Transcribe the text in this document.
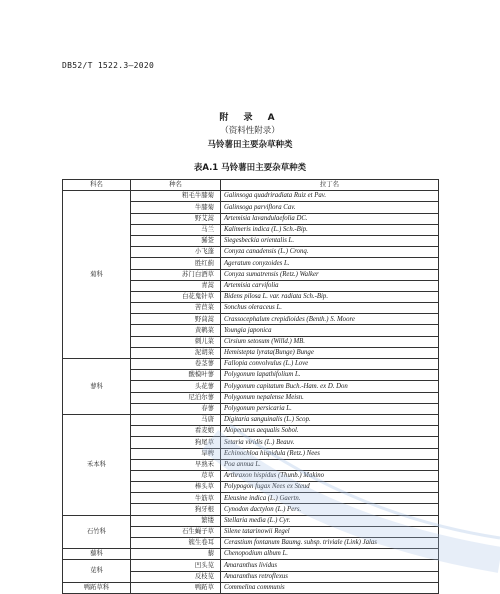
DB52/T 1522.3—2020
附 录 A
（资料性附录）
马铃薯田主要杂草种类
表A.1 马铃薯田主要杂草种类
科名	种名	拉丁名
菊科	粗毛牛膝菊	Galinsoga quadriradiata Ruiz et Pav.
	牛膝菊	Galinsoga parviflora Cav.
	野艾蒿	Artemisia lavandulaefolia DC.
	马兰	Kalimeris indica (L.) Sch.-Bip.
	豨莶	Siegesbeckia orientalis L.
	小飞蓬	Conyza canadensis (L.) Cronq.
	胜红蓟	Ageratum conyzoides L.
	苏门白酒草	Conyza sumatrensis (Retz.) Walker
	青蒿	Artemisia carvifolia
	白花鬼针草	Bidens pilosa L. var. radiata Sch.-Bip.
	苦苣菜	Sonchus oleraceus L.
	野茼蒿	Crassocephalum crepidioides (Benth.) S. Moore
	黄鹌菜	Youngia japonica
	刺儿菜	Cirsium setosum (Willd.) MB.
	泥胡菜	Hemistepta lyrata(Bunge) Bunge
蓼科	卷茎蓼	Fallopia convolvulus (L.) Love
	酸模叶蓼	Polygonum lapathifolium L.
	头花蓼	Polygonum capitatum Buch.-Ham. ex D. Don
	尼泊尔蓼	Polygonum nepalense Meisn.
	春蓼	Polygonum persicaria L.
禾本科	马唐	Digitaria sanguinalis (L.) Scop.
	看麦娘	Alopecurus aequalis Sobol.
	狗尾草	Setaria viridis (L.) Beauv.
	旱稗	Echinochloa hispidula (Retz.) Nees
	早熟禾	Poa annua L.
	荩草	Arthraxon hispidus (Thunb.) Makino
	棒头草	Polypogon fugax Nees ex Steud
	牛筋草	Eleusine indica (L.) Gaertn.
	狗牙根	Cynodon dactylon (L.) Pers.
石竹科	繁缕	Stellaria media (L.) Cyr.
	石生蝇子草	Silene tatarinowii Regel
	簇生卷耳	Cerastium fontanum Baumg. subsp. triviale (Link) Jalas
藜科	藜	Chenopodium album L.
苋科	凹头苋	Amaranthus lividus
	反枝苋	Amaranthus retroflexus
鸭跖草科	鸭跖草	Commelina communis
